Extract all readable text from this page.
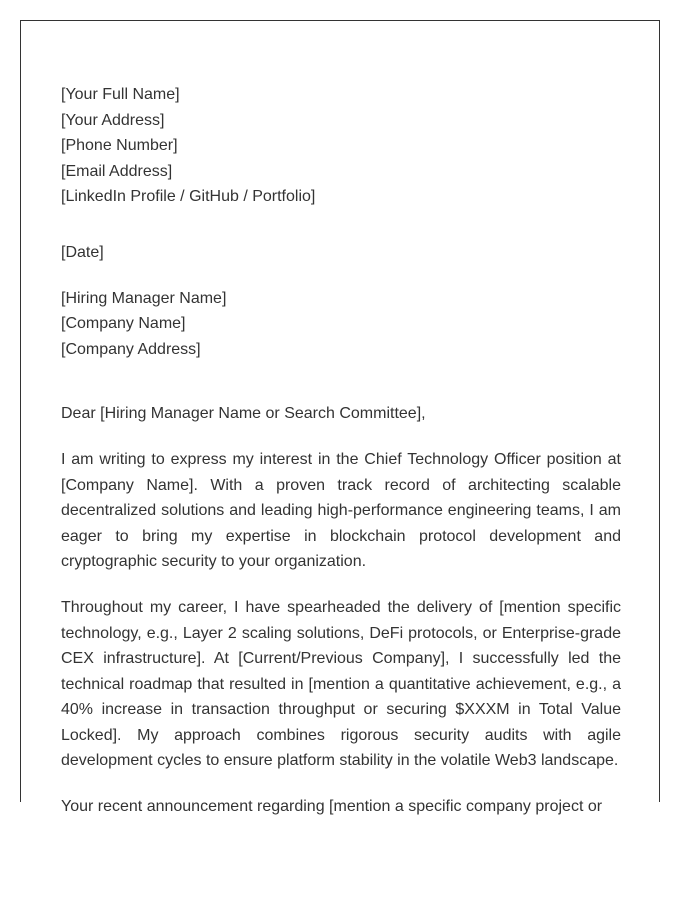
[Your Full Name]
[Your Address]
[Phone Number]
[Email Address]
[LinkedIn Profile / GitHub / Portfolio]
[Date]
[Hiring Manager Name]
[Company Name]
[Company Address]
Dear [Hiring Manager Name or Search Committee],

I am writing to express my interest in the Chief Technology Officer position at [Company Name]. With a proven track record of architecting scalable decentralized solutions and leading high-performance engineering teams, I am eager to bring my expertise in blockchain protocol development and cryptographic security to your organization.

Throughout my career, I have spearheaded the delivery of [mention specific technology, e.g., Layer 2 scaling solutions, DeFi protocols, or Enterprise-grade CEX infrastructure]. At [Current/Previous Company], I successfully led the technical roadmap that resulted in [mention a quantitative achievement, e.g., a 40% increase in transaction throughput or securing $XXXM in Total Value Locked]. My approach combines rigorous security audits with agile development cycles to ensure platform stability in the volatile Web3 landscape.

Your recent announcement regarding [mention a specific company project or
